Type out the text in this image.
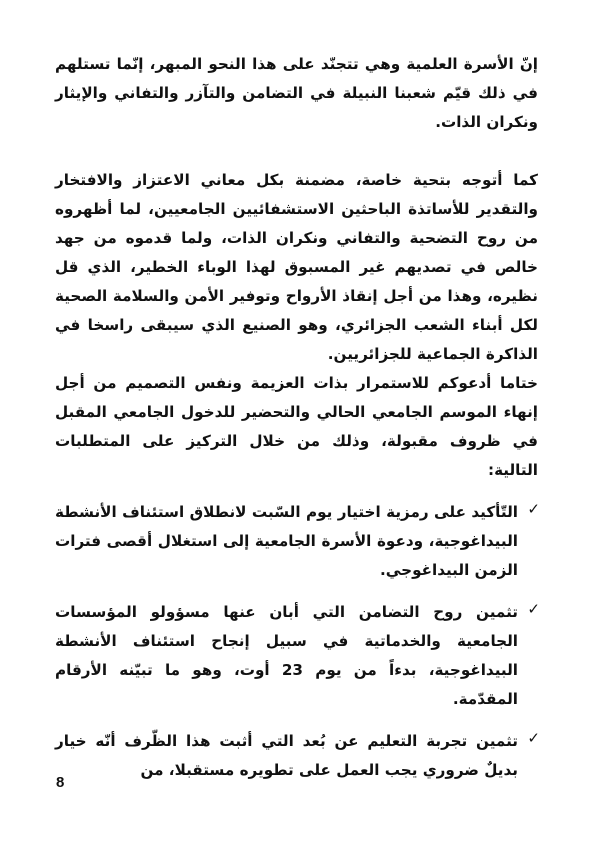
إنّ الأسرة العلمية وهي تتجنّد على هذا النحو المبهر، إنّما تستلهم في ذلك قيّم شعبنا النبيلة في التضامن والتآزر والتفاني والإيثار ونكران الذات.

كما أتوجه بتحية خاصة، مضمنة بكل معاني الاعتزاز والافتخار والتقدير للأساتذة الباحثين الاستشفائيين الجامعيين، لما أظهروه من روح التضحية والتفاني ونكران الذات، ولما قدموه من جهد خالص في تصديهم غير المسبوق لهذا الوباء الخطير، الذي قل نظيره، وهذا من أجل إنقاذ الأرواح وتوفير الأمن والسلامة الصحية لكل أبناء الشعب الجزائري، وهو الصنيع الذي سيبقى راسخا في الذاكرة الجماعية للجزائريين.

ختاما أدعوكم للاستمرار بذات العزيمة ونفس التصميم من أجل إنهاء الموسم الجامعي الحالي والتحضير للدخول الجامعي المقبل في ظروف مقبولة، وذلك من خلال التركيز على المتطلبات التالية:

✓
التّأكيد على رمزية اختيار يوم السّبت لانطلاق استئناف الأنشطة البيداغوجية، ودعوة الأسرة الجامعية إلى استغلال أقصى فترات الزمن البيداغوجي.
✓
تثمين روح التضامن التي أبان عنها مسؤولو المؤسسات الجامعية والخدماتية في سبيل إنجاح استئناف الأنشطة البيداغوجية، بدءاً من يوم 23 أوت، وهو ما تبيّنه الأرقام المقدّمة.
✓
تثمين تجربة التعليم عن بُعد التي أثبت هذا الظّرف أنّه خيار بديلٌ ضروري يجب العمل على تطويره مستقبلا، من
8
